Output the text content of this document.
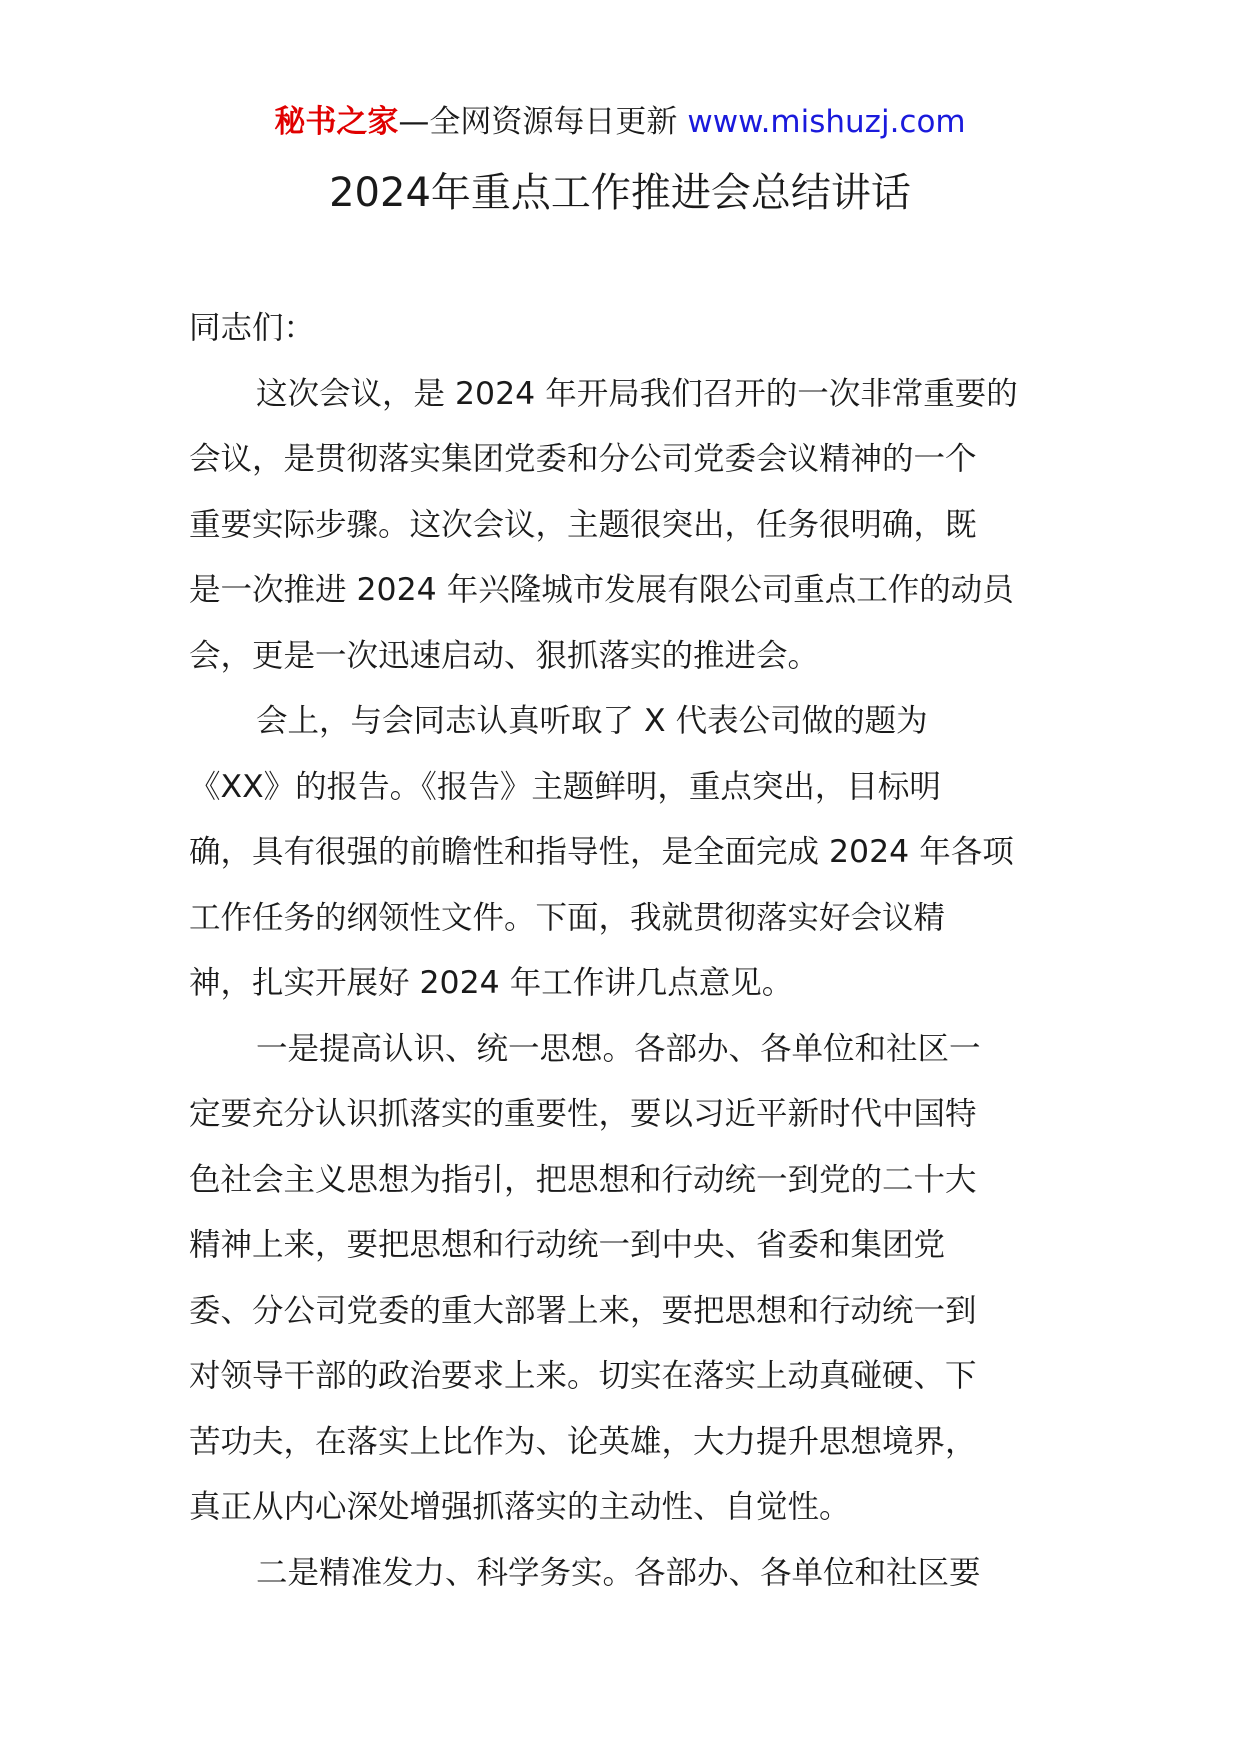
秘书之家—全网资源每日更新 www.mishuzj.com
2024年重点工作推进会总结讲话
同志们：
这次会议，是 2024 年开局我们召开的一次非常重要的
会议，是贯彻落实集团党委和分公司党委会议精神的一个
重要实际步骤。这次会议，主题很突出，任务很明确，既
是一次推进 2024 年兴隆城市发展有限公司重点工作的动员
会，更是一次迅速启动、狠抓落实的推进会。
会上，与会同志认真听取了 X 代表公司做的题为
《XX》的报告。《报告》主题鲜明，重点突出，目标明
确，具有很强的前瞻性和指导性，是全面完成 2024 年各项
工作任务的纲领性文件。下面，我就贯彻落实好会议精
神，扎实开展好 2024 年工作讲几点意见。
一是提高认识、统一思想。各部办、各单位和社区一
定要充分认识抓落实的重要性，要以习近平新时代中国特
色社会主义思想为指引，把思想和行动统一到党的二十大
精神上来，要把思想和行动统一到中央、省委和集团党
委、分公司党委的重大部署上来，要把思想和行动统一到
对领导干部的政治要求上来。切实在落实上动真碰硬、下
苦功夫，在落实上比作为、论英雄，大力提升思想境界，
真正从内心深处增强抓落实的主动性、自觉性。
二是精准发力、科学务实。各部办、各单位和社区要
